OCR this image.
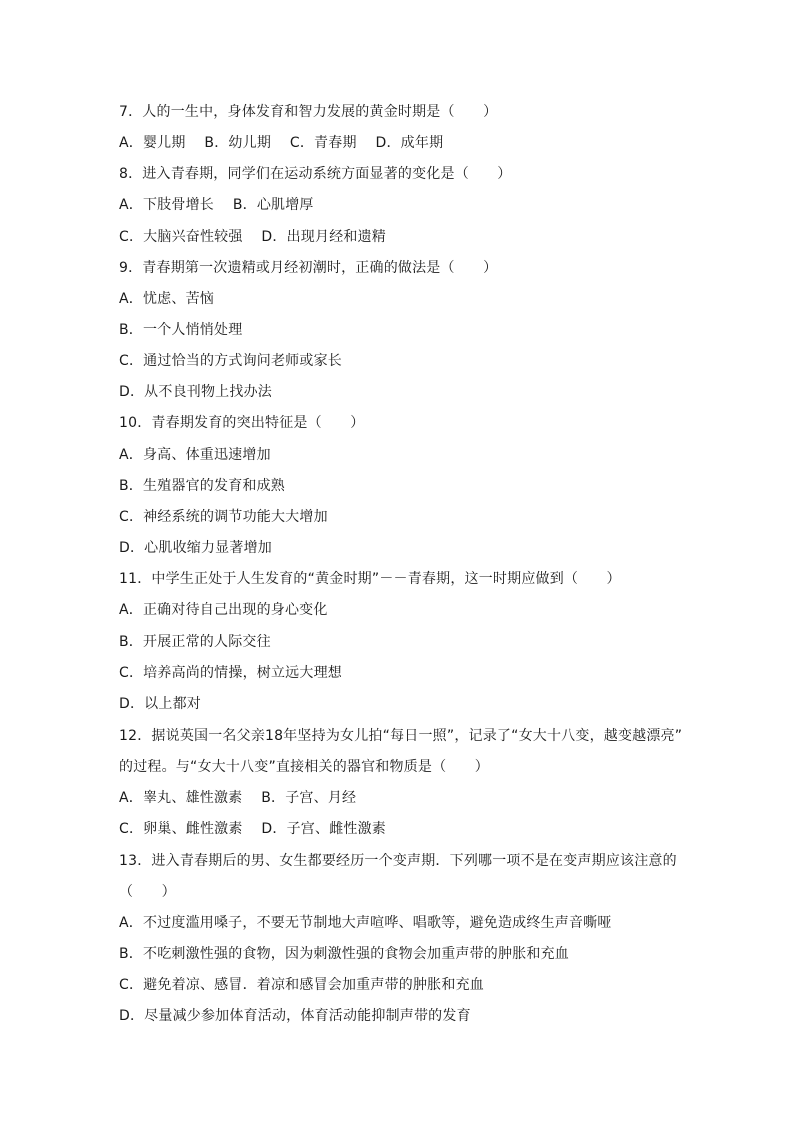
7．人的一生中，身体发育和智力发展的黄金时期是（　　）
A．婴儿期　 B．幼儿期　 C．青春期　 D．成年期
8．进入青春期，同学们在运动系统方面显著的变化是（　　）
A．下肢骨增长　 B．心肌增厚
C．大脑兴奋性较强　 D．出现月经和遗精
9．青春期第一次遗精或月经初潮时，正确的做法是（　　）
A．忧虑、苦恼
B．一个人悄悄处理
C．通过恰当的方式询问老师或家长
D．从不良刊物上找办法
10．青春期发育的突出特征是（　　）
A．身高、体重迅速增加
B．生殖器官的发育和成熟
C．神经系统的调节功能大大增加
D．心肌收缩力显著增加
11．中学生正处于人生发育的“黄金时期”－－青春期，这一时期应做到（　　）
A．正确对待自己出现的身心变化
B．开展正常的人际交往
C．培养高尚的情操，树立远大理想
D．以上都对
12．据说英国一名父亲18年坚持为女儿拍“每日一照”，记录了“女大十八变，越变越漂亮”
的过程。与“女大十八变”直接相关的器官和物质是（　　）
A．睾丸、雄性激素　 B．子宫、月经
C．卵巢、雌性激素　 D．子宫、雌性激素
13．进入青春期后的男、女生都要经历一个变声期．下列哪一项不是在变声期应该注意的
（　　）
A．不过度滥用嗓子，不要无节制地大声喧哗、唱歌等，避免造成终生声音嘶哑
B．不吃刺激性强的食物，因为刺激性强的食物会加重声带的肿胀和充血
C．避免着凉、感冒．着凉和感冒会加重声带的肿胀和充血
D．尽量减少参加体育活动，体育活动能抑制声带的发育
